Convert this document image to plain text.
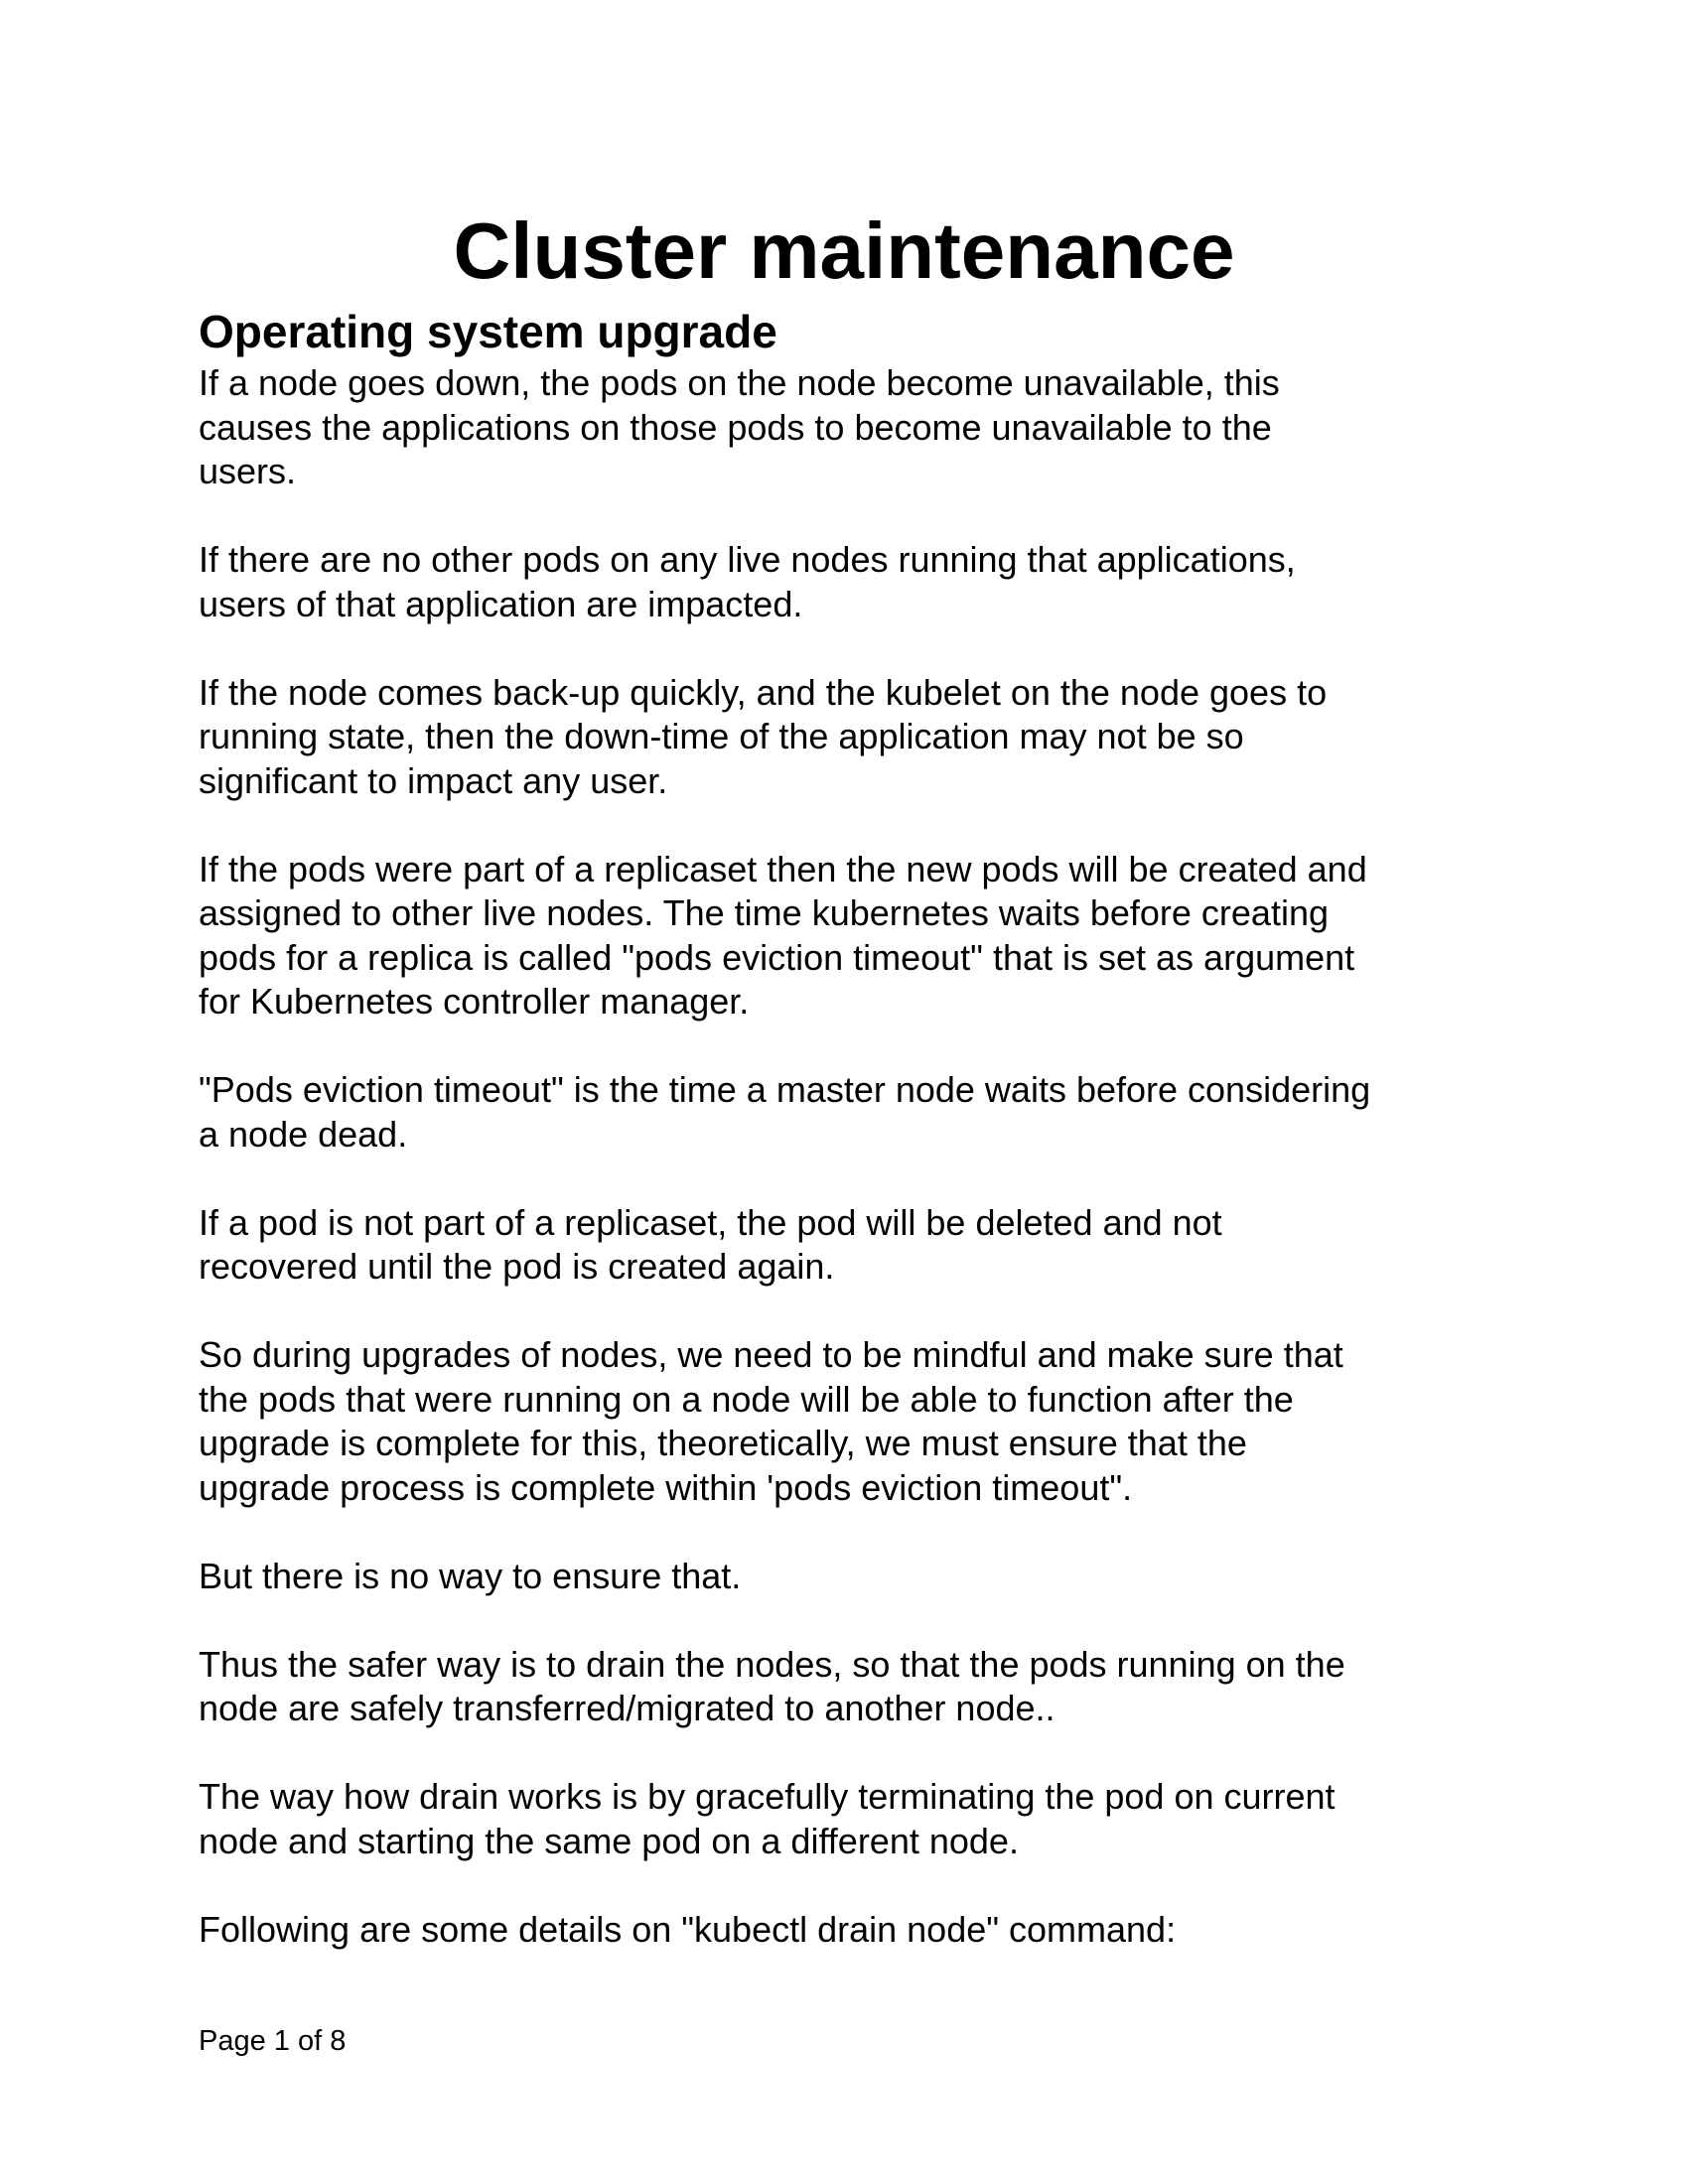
Cluster maintenance
Operating system upgrade

If a node goes down, the pods on the node become unavailable, this
causes the applications on those pods to become unavailable to the
users.

If there are no other pods on any live nodes running that applications,
users of that application are impacted.

If the node comes back-up quickly, and the kubelet on the node goes to
running state, then the down-time of the application may not be so
significant to impact any user.

If the pods were part of a replicaset then the new pods will be created and
assigned to other live nodes. The time kubernetes waits before creating
pods for a replica is called "pods eviction timeout" that is set as argument
for Kubernetes controller manager.

"Pods eviction timeout" is the time a master node waits before considering
a node dead.

If a pod is not part of a replicaset, the pod will be deleted and not
recovered until the pod is created again.

So during upgrades of nodes, we need to be mindful and make sure that
the pods that were running on a node will be able to function after the
upgrade is complete for this, theoretically, we must ensure that the
upgrade process is complete within 'pods eviction timeout".

But there is no way to ensure that.

Thus the safer way is to drain the nodes, so that the pods running on the
node are safely transferred/migrated to another node..

The way how drain works is by gracefully terminating the pod on current
node and starting the same pod on a different node.

Following are some details on "kubectl drain node" command:

Page 1 of 8
